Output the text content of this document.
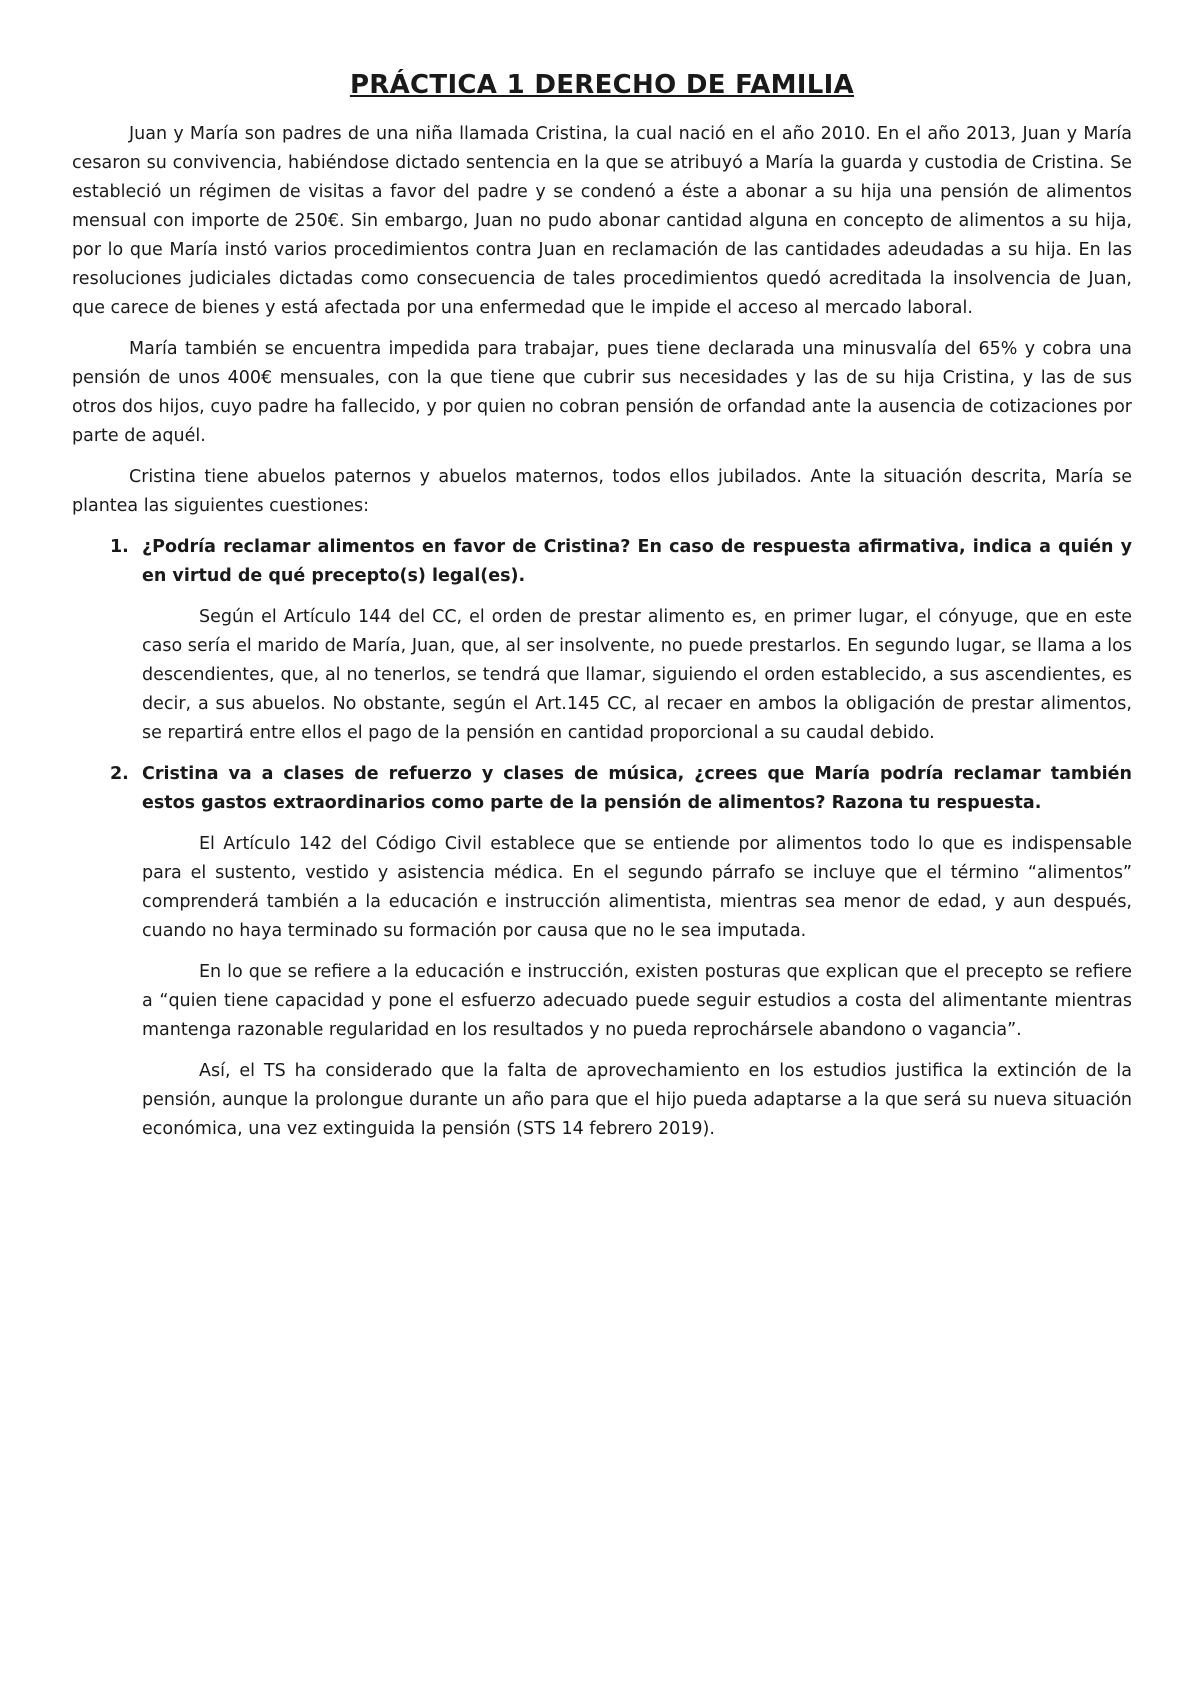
PRÁCTICA 1 DERECHO DE FAMILIA

Juan y María son padres de una niña llamada Cristina, la cual nació en el año 2010. En el año 2013, Juan y María cesaron su convivencia, habiéndose dictado sentencia en la que se atribuyó a María la guarda y custodia de Cristina. Se estableció un régimen de visitas a favor del padre y se condenó a éste a abonar a su hija una pensión de alimentos mensual con importe de 250€. Sin embargo, Juan no pudo abonar cantidad alguna en concepto de alimentos a su hija, por lo que María instó varios procedimientos contra Juan en reclamación de las cantidades adeudadas a su hija. En las resoluciones judiciales dictadas como consecuencia de tales procedimientos quedó acreditada la insolvencia de Juan, que carece de bienes y está afectada por una enfermedad que le impide el acceso al mercado laboral.

María también se encuentra impedida para trabajar, pues tiene declarada una minusvalía del 65% y cobra una pensión de unos 400€ mensuales, con la que tiene que cubrir sus necesidades y las de su hija Cristina, y las de sus otros dos hijos, cuyo padre ha fallecido, y por quien no cobran pensión de orfandad ante la ausencia de cotizaciones por parte de aquél.

Cristina tiene abuelos paternos y abuelos maternos, todos ellos jubilados. Ante la situación descrita, María se plantea las siguientes cuestiones:

1. ¿Podría reclamar alimentos en favor de Cristina? En caso de respuesta afirmativa, indica a quién y en virtud de qué precepto(s) legal(es).

Según el Artículo 144 del CC, el orden de prestar alimento es, en primer lugar, el cónyuge, que en este caso sería el marido de María, Juan, que, al ser insolvente, no puede prestarlos. En segundo lugar, se llama a los descendientes, que, al no tenerlos, se tendrá que llamar, siguiendo el orden establecido, a sus ascendientes, es decir, a sus abuelos. No obstante, según el Art.145 CC, al recaer en ambos la obligación de prestar alimentos, se repartirá entre ellos el pago de la pensión en cantidad proporcional a su caudal debido.

2. Cristina va a clases de refuerzo y clases de música, ¿crees que María podría reclamar también estos gastos extraordinarios como parte de la pensión de alimentos? Razona tu respuesta.

El Artículo 142 del Código Civil establece que se entiende por alimentos todo lo que es indispensable para el sustento, vestido y asistencia médica. En el segundo párrafo se incluye que el término “alimentos” comprenderá también a la educación e instrucción alimentista, mientras sea menor de edad, y aun después, cuando no haya terminado su formación por causa que no le sea imputada.

En lo que se refiere a la educación e instrucción, existen posturas que explican que el precepto se refiere a “quien tiene capacidad y pone el esfuerzo adecuado puede seguir estudios a costa del alimentante mientras mantenga razonable regularidad en los resultados y no pueda reprochársele abandono o vagancia”.

Así, el TS ha considerado que la falta de aprovechamiento en los estudios justifica la extinción de la pensión, aunque la prolongue durante un año para que el hijo pueda adaptarse a la que será su nueva situación económica, una vez extinguida la pensión (STS 14 febrero 2019).
